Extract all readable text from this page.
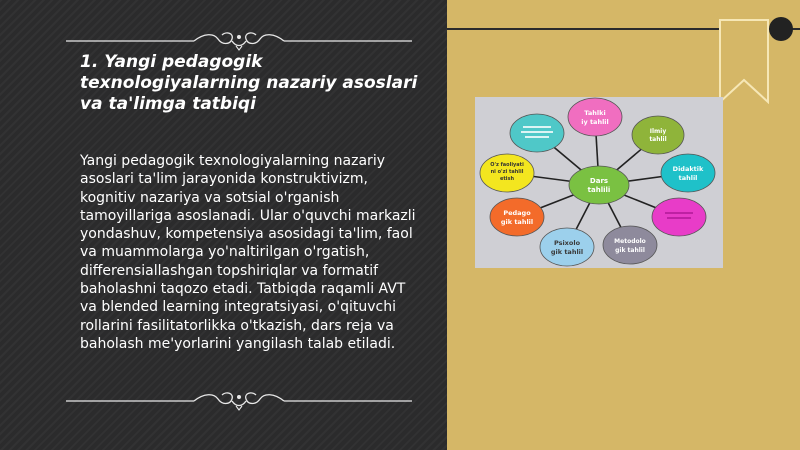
1. Yangi pedagogik texnologiyalarning nazariy asoslari va ta'limga tatbiqi
Yangi pedagogik texnologiyalarning nazariy asoslari ta'lim jarayonida konstruktivizm, kognitiv nazariya va sotsial o'rganish tamoyillariga asoslanadi. Ular o'quvchi markazli yondashuv, kompetensiya asosidagi ta'lim, faol va muammolarga yo'naltirilgan o'rgatish, differensiallashgan topshiriqlar va formatif baholashni taqozo etadi. Tatbiqda raqamli AVT va blended learning integratsiyasi, o'qituvchi rollarini fasilitatorlikka o'tkazish, dars reja va baholash me'yorlarini yangilash talab etiladi.
Tahlki
iy tahlil
Ilmiy
tahlil
Didaktik
tahlil
Metodolo
gik tahlil
Psixolo
gik tahlil
Pedago
gik tahlil
O'z faoliyati
ni o'zi tahlil
etish	Dars
tahlili
